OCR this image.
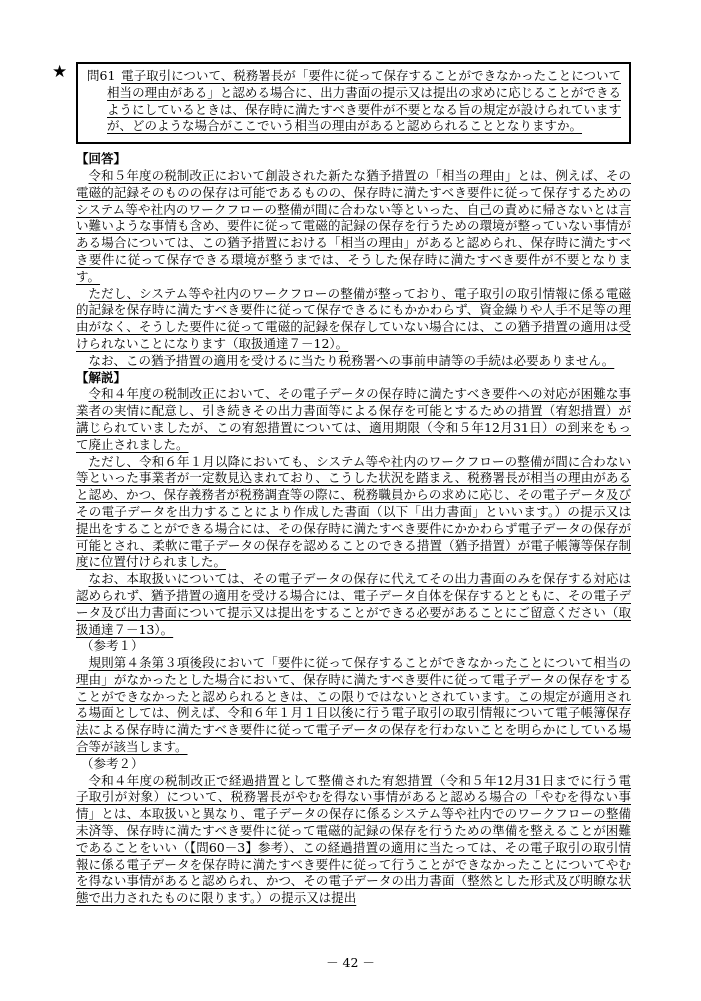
★ 問61 電子取引について、税務署長が「要件に従って保存することができなかったことについて相当の理由がある」と認める場合に、出力書面の提示又は提出の求めに応じることができるようにしているときは、保存時に満たすべき要件が不要となる旨の規定が設けられていますが、どのような場合がここでいう相当の理由があると認められることとなりますか。

【回答】

令和５年度の税制改正において創設された新たな猶予措置の「相当の理由」とは、例えば、その電磁的記録そのものの保存は可能であるものの、保存時に満たすべき要件に従って保存するためのシステム等や社内のワークフローの整備が間に合わない等といった、自己の責めに帰さないとは言い難いような事情も含め、要件に従って電磁的記録の保存を行うための環境が整っていない事情がある場合については、この猶予措置における「相当の理由」があると認められ、保存時に満たすべき要件に従って保存できる環境が整うまでは、そうした保存時に満たすべき要件が不要となります。

ただし、システム等や社内のワークフローの整備が整っており、電子取引の取引情報に係る電磁的記録を保存時に満たすべき要件に従って保存できるにもかかわらず、資金繰りや人手不足等の理由がなく、そうした要件に従って電磁的記録を保存していない場合には、この猶予措置の適用は受けられないことになります（取扱通達７－12）。

なお、この猶予措置の適用を受けるに当たり税務署への事前申請等の手続は必要ありません。

【解説】

令和４年度の税制改正において、その電子データの保存時に満たすべき要件への対応が困難な事業者の実情に配意し、引き続きその出力書面等による保存を可能とするための措置（宥恕措置）が講じられていましたが、この宥恕措置については、適用期限（令和５年12月31日）の到来をもって廃止されました。

ただし、令和６年１月以降においても、システム等や社内のワークフローの整備が間に合わない等といった事業者が一定数見込まれており、こうした状況を踏まえ、税務署長が相当の理由があると認め、かつ、保存義務者が税務調査等の際に、税務職員からの求めに応じ、その電子データ及びその電子データを出力することにより作成した書面（以下「出力書面」といいます。）の提示又は提出をすることができる場合には、その保存時に満たすべき要件にかかわらず電子データの保存が可能とされ、柔軟に電子データの保存を認めることのできる措置（猶予措置）が電子帳簿等保存制度に位置付けられました。

なお、本取扱いについては、その電子データの保存に代えてその出力書面のみを保存する対応は認められず、猶予措置の適用を受ける場合には、電子データ自体を保存するとともに、その電子データ及び出力書面について提示又は提出をすることができる必要があることにご留意ください（取扱通達７－13）。

（参考１）

規則第４条第３項後段において「要件に従って保存することができなかったことについて相当の理由」がなかったとした場合において、保存時に満たすべき要件に従って電子データの保存をすることができなかったと認められるときは、この限りではないとされています。この規定が適用される場面としては、例えば、令和６年１月１日以後に行う電子取引の取引情報について電子帳簿保存法による保存時に満たすべき要件に従って電子データの保存を行わないことを明らかにしている場合等が該当します。

（参考２）

令和４年度の税制改正で経過措置として整備された宥恕措置（令和５年12月31日までに行う電子取引が対象）について、税務署長がやむを得ない事情があると認める場合の「やむを得ない事情」とは、本取扱いと異なり、電子データの保存に係るシステム等や社内でのワークフローの整備未済等、保存時に満たすべき要件に従って電磁的記録の保存を行うための準備を整えることが困難であることをいい（【問60－3】参考）、この経過措置の適用に当たっては、その電子取引の取引情報に係る電子データを保存時に満たすべき要件に従って行うことができなかったことについてやむを得ない事情があると認められ、かつ、その電子データの出力書面（整然とした形式及び明瞭な状態で出力されたものに限ります。）の提示又は提出

－ 42 －
